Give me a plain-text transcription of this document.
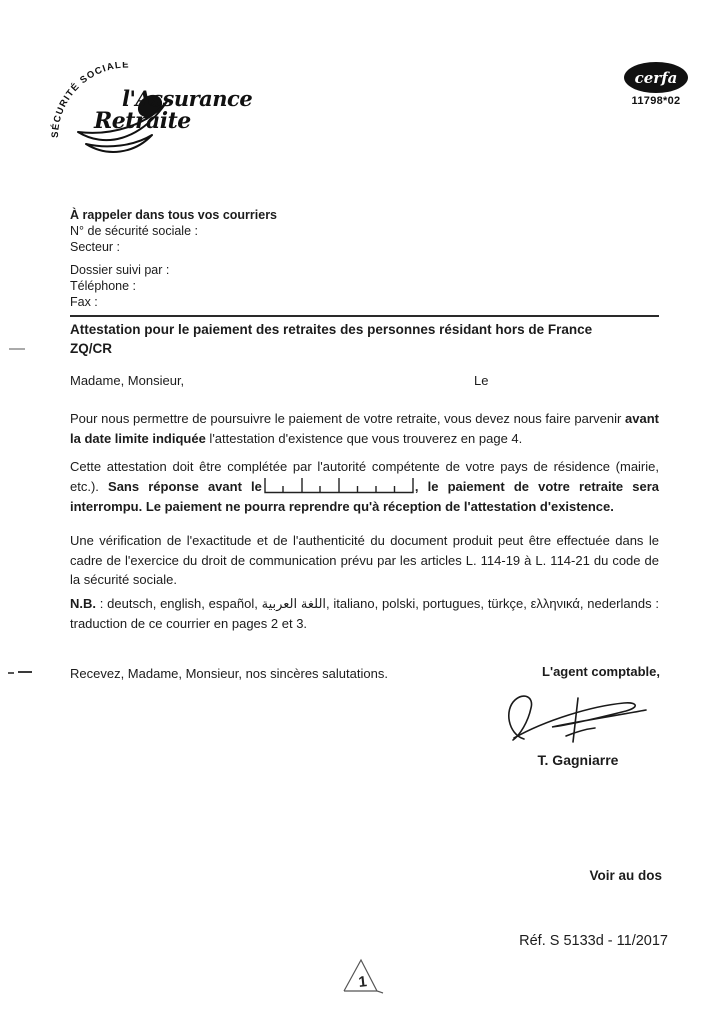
SÉCURITÉ SOCIALE
l'Assurance
Retraite
cerfa
11798*02
À rappeler dans tous vos courriers
N° de sécurité sociale :
Secteur :
Dossier suivi par :
Téléphone :
Fax :
Attestation pour le paiement des retraites des personnes résidant hors de France
ZQ/CR
Madame, Monsieur,	Le
Pour nous permettre de poursuivre le paiement de votre retraite, vous devez nous faire parvenir avant la date limite indiquée l'attestation d'existence que vous trouverez en page 4.
Cette attestation doit être complétée par l'autorité compétente de votre pays de résidence (mairie, etc.). Sans réponse avant le	, le paiement de votre retraite sera interrompu. Le paiement ne pourra reprendre qu'à réception de l'attestation d'existence.
Une vérification de l'exactitude et de l'authenticité du document produit peut être effectuée dans le cadre de l'exercice du droit de communication prévu par les articles L. 114-19 à L. 114-21 du code de la sécurité sociale.
N.B. : deutsch, english, español, اللغة العربية, italiano, polski, portugues, türkçe, ελληνικά, nederlands : traduction de ce courrier en pages 2 et 3.
Recevez, Madame, Monsieur, nos sincères salutations.	L'agent comptable,
T. Gagniarre
Voir au dos
Réf. S 5133d - 11/2017
1
